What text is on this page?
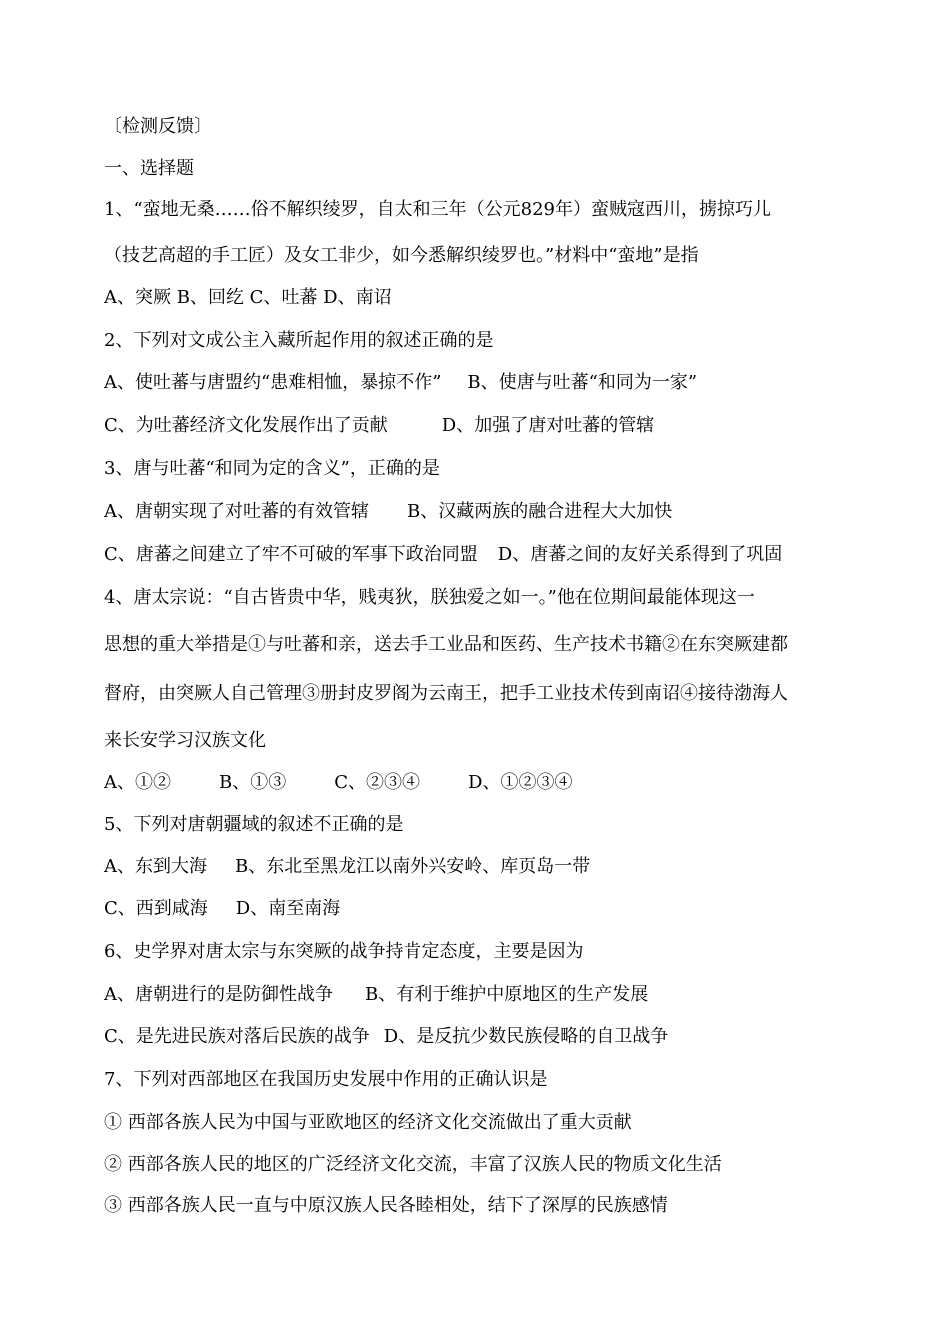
〔检测反馈〕
一、选择题
1、“蛮地无桑……俗不解织绫罗，自太和三年（公元829年）蛮贼寇西川，掳掠巧儿
（技艺高超的手工匠）及女工非少，如今悉解织绫罗也。”材料中“蛮地”是指
A、突厥 B、回纥 C、吐蕃 D、南诏
2、下列对文成公主入藏所起作用的叙述正确的是
A、使吐蕃与唐盟约“患难相恤，暴掠不作” B、使唐与吐蕃“和同为一家”
C、为吐蕃经济文化发展作出了贡献	D、加强了唐对吐蕃的管辖
3、唐与吐蕃“和同为定的含义”，正确的是
A、唐朝实现了对吐蕃的有效管辖 B、汉藏两族的融合进程大大加快
C、唐蕃之间建立了牢不可破的军事下政治同盟 D、唐蕃之间的友好关系得到了巩固
4、唐太宗说：“自古皆贵中华，贱夷狄，朕独爱之如一。”他在位期间最能体现这一
思想的重大举措是①与吐蕃和亲，送去手工业品和医药、生产技术书籍②在东突厥建都
督府，由突厥人自己管理③册封皮罗阁为云南王，把手工业技术传到南诏④接待渤海人
来长安学习汉族文化
A、①②	B、①③	C、②③④	D、①②③④
5、下列对唐朝疆域的叙述不正确的是
A、东到大海 B、东北至黑龙江以南外兴安岭、库页岛一带
C、西到咸海 D、南至南海
6、史学界对唐太宗与东突厥的战争持肯定态度，主要是因为
A、唐朝进行的是防御性战争 B、有利于维护中原地区的生产发展
C、是先进民族对落后民族的战争 D、是反抗少数民族侵略的自卫战争
7、下列对西部地区在我国历史发展中作用的正确认识是
① 西部各族人民为中国与亚欧地区的经济文化交流做出了重大贡献
② 西部各族人民的地区的广泛经济文化交流，丰富了汉族人民的物质文化生活
③ 西部各族人民一直与中原汉族人民各睦相处，结下了深厚的民族感情
